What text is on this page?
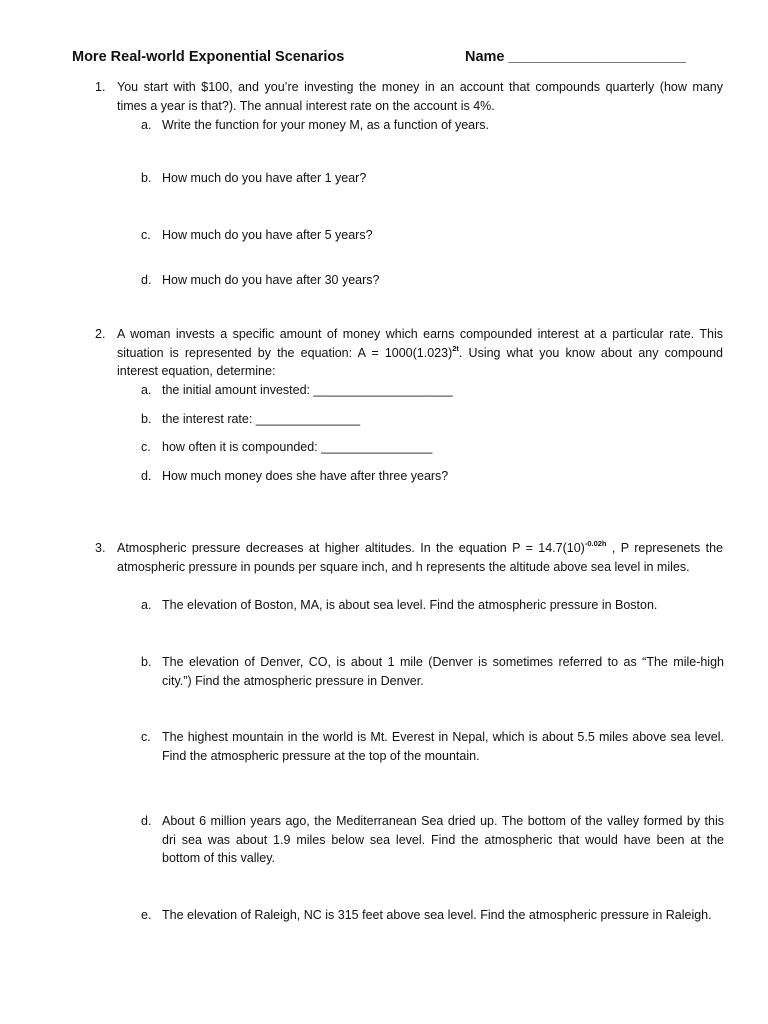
More Real-world Exponential Scenarios	Name ______________________
1. You start with $100, and you’re investing the money in an account that compounds quarterly (how many times a year is that?). The annual interest rate on the account is 4%.
a. Write the function for your money M, as a function of years.
b. How much do you have after 1 year?
c. How much do you have after 5 years?
d. How much do you have after 30 years?
2. A woman invests a specific amount of money which earns compounded interest at a particular rate. This situation is represented by the equation: $A = 1000(1.023)^{2t}$. Using what you know about any compound interest equation, determine:
a. the initial amount invested: ____________________
b. the interest rate: _______________
c. how often it is compounded: ________________
d. How much money does she have after three years?
3. Atmospheric pressure decreases at higher altitudes. In the equation $P = 14.7(10)^{-0.02h}$ , P represenets the atmospheric pressure in pounds per square inch, and h represents the altitude above sea level in miles.
a. The elevation of Boston, MA, is about sea level. Find the atmospheric pressure in Boston.
b. The elevation of Denver, CO, is about 1 mile (Denver is sometimes referred to as “The mile-high city.”) Find the atmospheric pressure in Denver.
c. The highest mountain in the world is Mt. Everest in Nepal, which is about 5.5 miles above sea level. Find the atmospheric pressure at the top of the mountain.
d. About 6 million years ago, the Mediterranean Sea dried up. The bottom of the valley formed by this dri sea was about 1.9 miles below sea level. Find the atmospheric that would have been at the bottom of this valley.
e. The elevation of Raleigh, NC is 315 feet above sea level. Find the atmospheric pressure in Raleigh.
